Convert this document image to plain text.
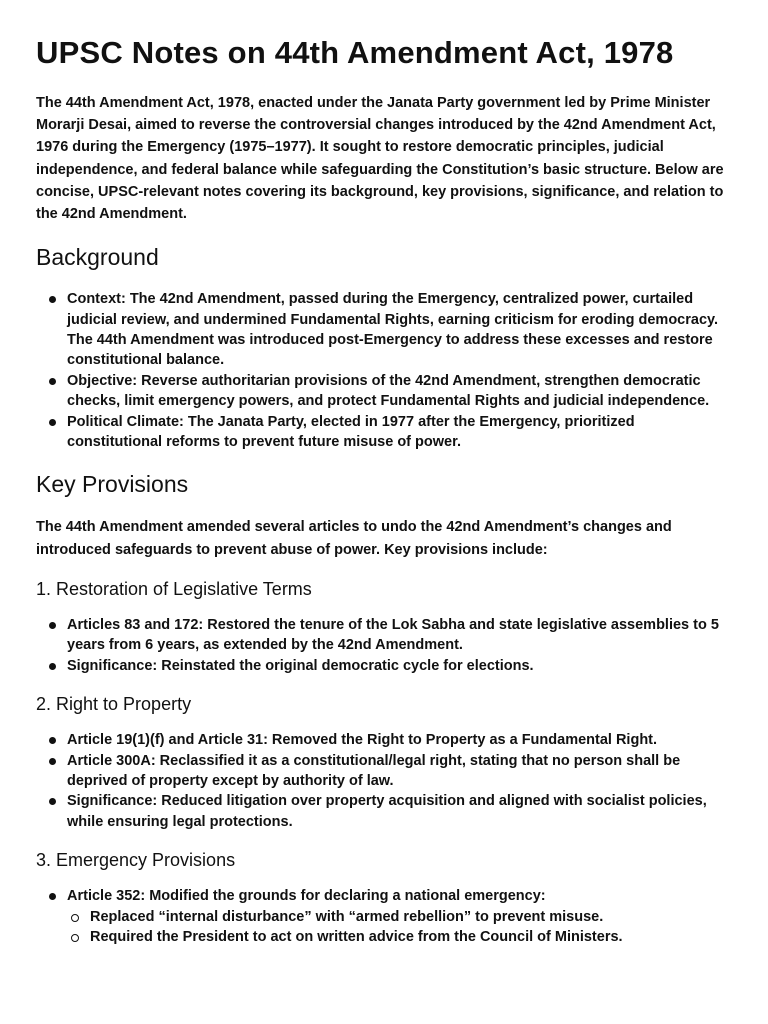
UPSC Notes on 44th Amendment Act, 1978

The 44th Amendment Act, 1978, enacted under the Janata Party government led by Prime Minister Morarji Desai, aimed to reverse the controversial changes introduced by the 42nd Amendment Act, 1976 during the Emergency (1975–1977). It sought to restore democratic principles, judicial independence, and federal balance while safeguarding the Constitution’s basic structure. Below are concise, UPSC-relevant notes covering its background, key provisions, significance, and relation to the 42nd Amendment.

Background
Context: The 42nd Amendment, passed during the Emergency, centralized power, curtailed judicial review, and undermined Fundamental Rights, earning criticism for eroding democracy. The 44th Amendment was introduced post-Emergency to address these excesses and restore constitutional balance.
Objective: Reverse authoritarian provisions of the 42nd Amendment, strengthen democratic checks, limit emergency powers, and protect Fundamental Rights and judicial independence.
Political Climate: The Janata Party, elected in 1977 after the Emergency, prioritized constitutional reforms to prevent future misuse of power.
Key Provisions

The 44th Amendment amended several articles to undo the 42nd Amendment’s changes and introduced safeguards to prevent abuse of power. Key provisions include:

1. Restoration of Legislative Terms
Articles 83 and 172: Restored the tenure of the Lok Sabha and state legislative assemblies to 5 years from 6 years, as extended by the 42nd Amendment.
Significance: Reinstated the original democratic cycle for elections.
2. Right to Property
Article 19(1)(f) and Article 31: Removed the Right to Property as a Fundamental Right.
Article 300A: Reclassified it as a constitutional/legal right, stating that no person shall be deprived of property except by authority of law.
Significance: Reduced litigation over property acquisition and aligned with socialist policies, while ensuring legal protections.
3. Emergency Provisions
Article 352: Modified the grounds for declaring a national emergency:
Replaced “internal disturbance” with “armed rebellion” to prevent misuse.
Required the President to act on written advice from the Council of Ministers.
